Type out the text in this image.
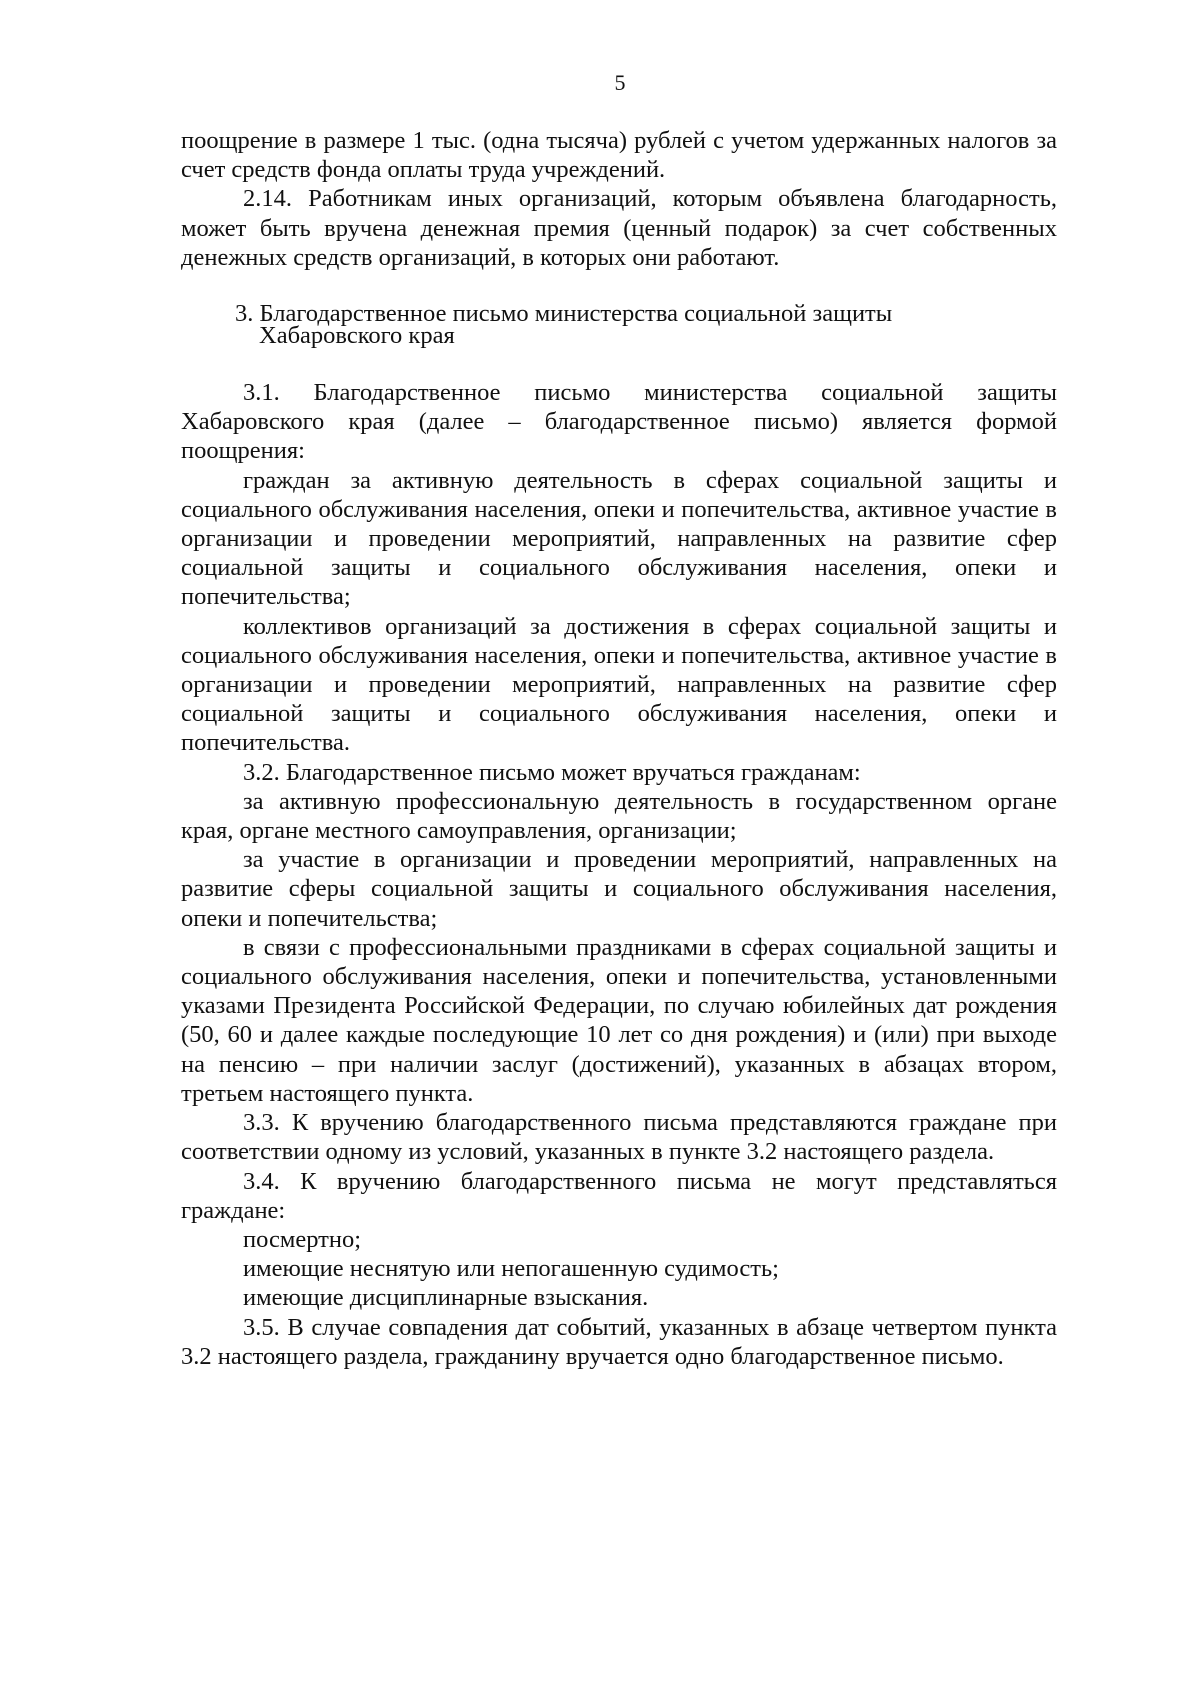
5

поощрение в размере 1 тыс. (одна тысяча) рублей с учетом удержанных налогов за счет средств фонда оплаты труда учреждений.

2.14. Работникам иных организаций, которым объявлена благодарность, может быть вручена денежная премия (ценный подарок) за счет собственных денежных средств организаций, в которых они работают.

3. Благодарственное письмо министерства социальной защиты
Хабаровского края

3.1. Благодарственное письмо министерства социальной защиты Хабаровского края (далее – благодарственное письмо) является формой поощрения:

граждан за активную деятельность в сферах социальной защиты и социального обслуживания населения, опеки и попечительства, активное участие в организации и проведении мероприятий, направленных на развитие сфер социальной защиты и социального обслуживания населения, опеки и попечительства;

коллективов организаций за достижения в сферах социальной защиты и социального обслуживания населения, опеки и попечительства, активное участие в организации и проведении мероприятий, направленных на развитие сфер социальной защиты и социального обслуживания населения, опеки и попечительства.

3.2. Благодарственное письмо может вручаться гражданам:

за активную профессиональную деятельность в государственном органе края, органе местного самоуправления, организации;

за участие в организации и проведении мероприятий, направленных на развитие сферы социальной защиты и социального обслуживания населения, опеки и попечительства;

в связи с профессиональными праздниками в сферах социальной защиты и социального обслуживания населения, опеки и попечительства, установленными указами Президента Российской Федерации, по случаю юбилейных дат рождения (50, 60 и далее каждые последующие 10 лет со дня рождения) и (или) при выходе на пенсию – при наличии заслуг (достижений), указанных в абзацах втором, третьем настоящего пункта.

3.3. К вручению благодарственного письма представляются граждане при соответствии одному из условий, указанных в пункте 3.2 настоящего раздела.

3.4. К вручению благодарственного письма не могут представляться граждане:

посмертно;

имеющие неснятую или непогашенную судимость;

имеющие дисциплинарные взыскания.

3.5. В случае совпадения дат событий, указанных в абзаце четвертом пункта 3.2 настоящего раздела, гражданину вручается одно благодарственное письмо.
